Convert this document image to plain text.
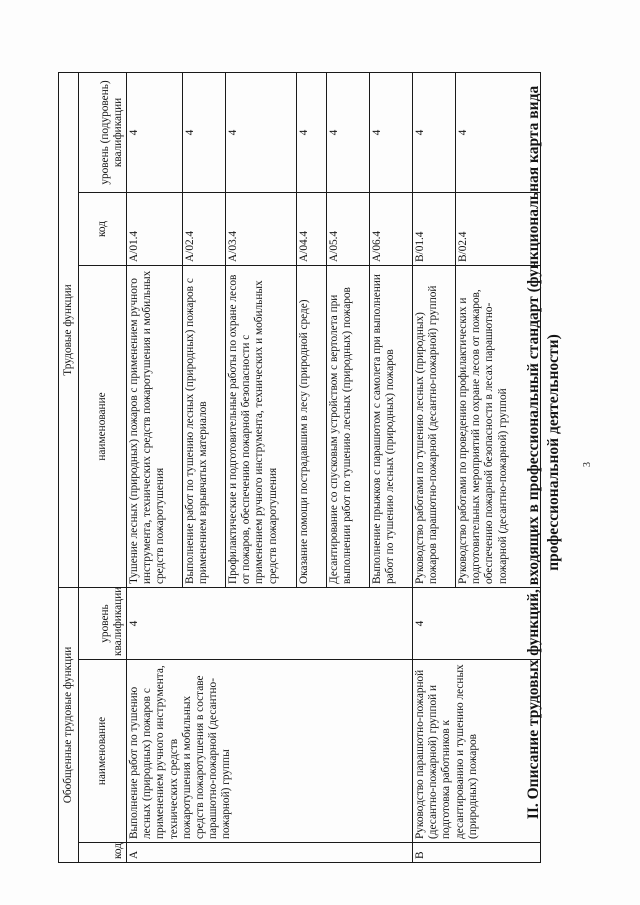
3
II. Описание трудовых функций, входящих в профессиональный стандарт (функциональная карта вида профессиональной деятельности)
Обобщенные трудовые функции			Трудовые функции		
код	наименование	уровень квалификации	наименование	код	уровень (подуровень) квалификации
A	Выполнение работ по тушению лесных (природных) пожаров с применением ручного инструмента, технических средств пожаротушения и мобильных средств пожаротушения в составе парашютно-пожарной (десантно-пожарной) группы	4	Тушение лесных (природных) пожаров с применением ручного инструмента, технических средств пожаротушения и мобильных средств пожаротушения	A/01.4	4
			Выполнение работ по тушению лесных (природных) пожаров с применением взрывчатых материалов	A/02.4	4
			Профилактические и подготовительные работы по охране лесов от пожаров, обеспечению пожарной безопасности с применением ручного инструмента, технических и мобильных средств пожаротушения	A/03.4	4
			Оказание помощи пострадавшим в лесу (природной среде)	A/04.4	4
			Десантирование со спусковым устройством с вертолета при выполнении работ по тушению лесных (природных) пожаров	A/05.4	4
			Выполнение прыжков с парашютом с самолета при выполнении работ по тушению лесных (природных) пожаров	A/06.4	4
B	Руководство парашютно-пожарной (десантно-пожарной) группой и подготовка работников к десантированию и тушению лесных (природных) пожаров	4	Руководство работами по тушению лесных (природных) пожаров парашютно-пожарной (десантно-пожарной) группой	B/01.4	4
			Руководство работами по проведению профилактических и подготовительных мероприятий по охране лесов от пожаров, обеспечению пожарной безопасности в лесах парашютно-пожарной (десантно-пожарной) группой	B/02.4	4
